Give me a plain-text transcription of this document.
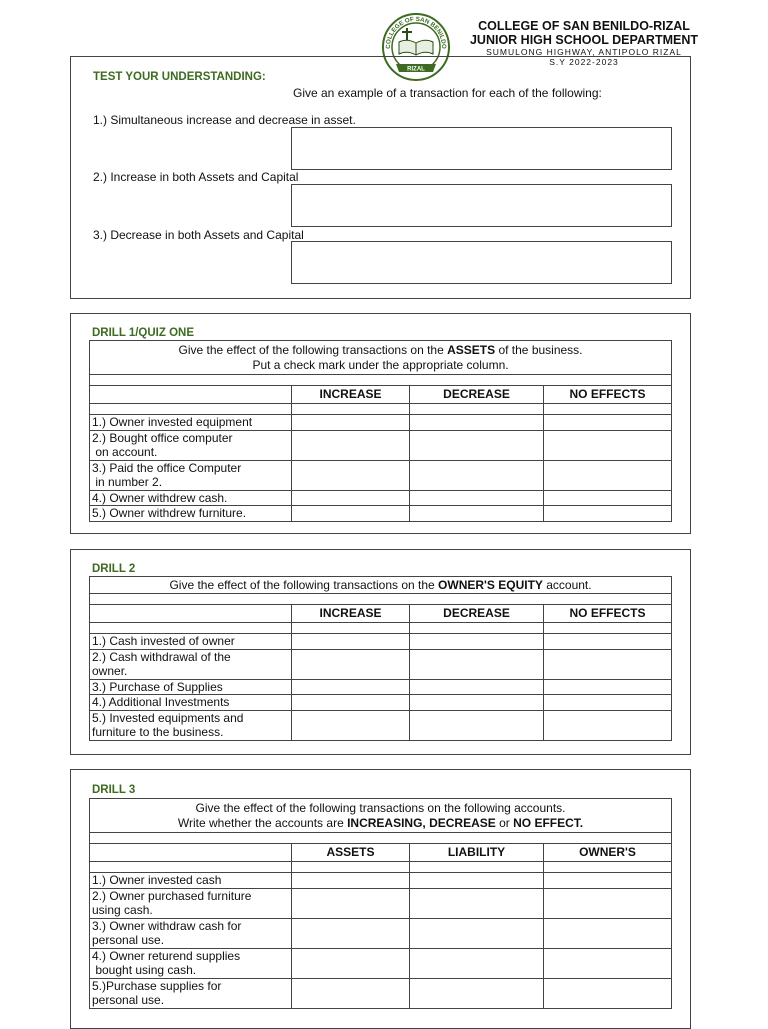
COLLEGE OF SAN BENILDO
RIZAL
COLLEGE OF SAN BENILDO-RIZAL
JUNIOR HIGH SCHOOL DEPARTMENT
SUMULONG HIGHWAY, ANTIPOLO RIZAL
S.Y 2022-2023
TEST YOUR UNDERSTANDING:
Give an example of a transaction for each of the following:
1.) Simultaneous increase and decrease in asset.
2.) Increase in both Assets and Capital
3.) Decrease in both Assets and Capital
DRILL 1/QUIZ ONE
Give the effect of the following transactions on the ASSETS of the business.
Put a check mark under the appropriate column.			

	INCREASE	DECREASE	NO EFFECTS

1.) Owner invested equipment			
2.) Bought office computer
on account.			
3.) Paid the office Computer
in number 2.			
4.) Owner withdrew cash.			
5.) Owner withdrew furniture.			
DRILL 2
Give the effect of the following transactions on the OWNER'S EQUITY account.			

	INCREASE	DECREASE	NO EFFECTS

1.) Cash invested of owner			
2.) Cash withdrawal of the
owner.			
3.) Purchase of Supplies			
4.) Additional Investments			
5.) Invested equipments and
furniture to the business.			
DRILL 3
Give the effect of the following transactions on the following accounts.
Write whether the accounts are INCREASING, DECREASE or NO EFFECT.			

	ASSETS	LIABILITY	OWNER'S

1.) Owner invested cash			
2.) Owner purchased furniture
using cash.			
3.) Owner withdraw cash for
personal use.			
4.) Owner returend supplies
bought using cash.			
5.)Purchase supplies for
personal use.			
